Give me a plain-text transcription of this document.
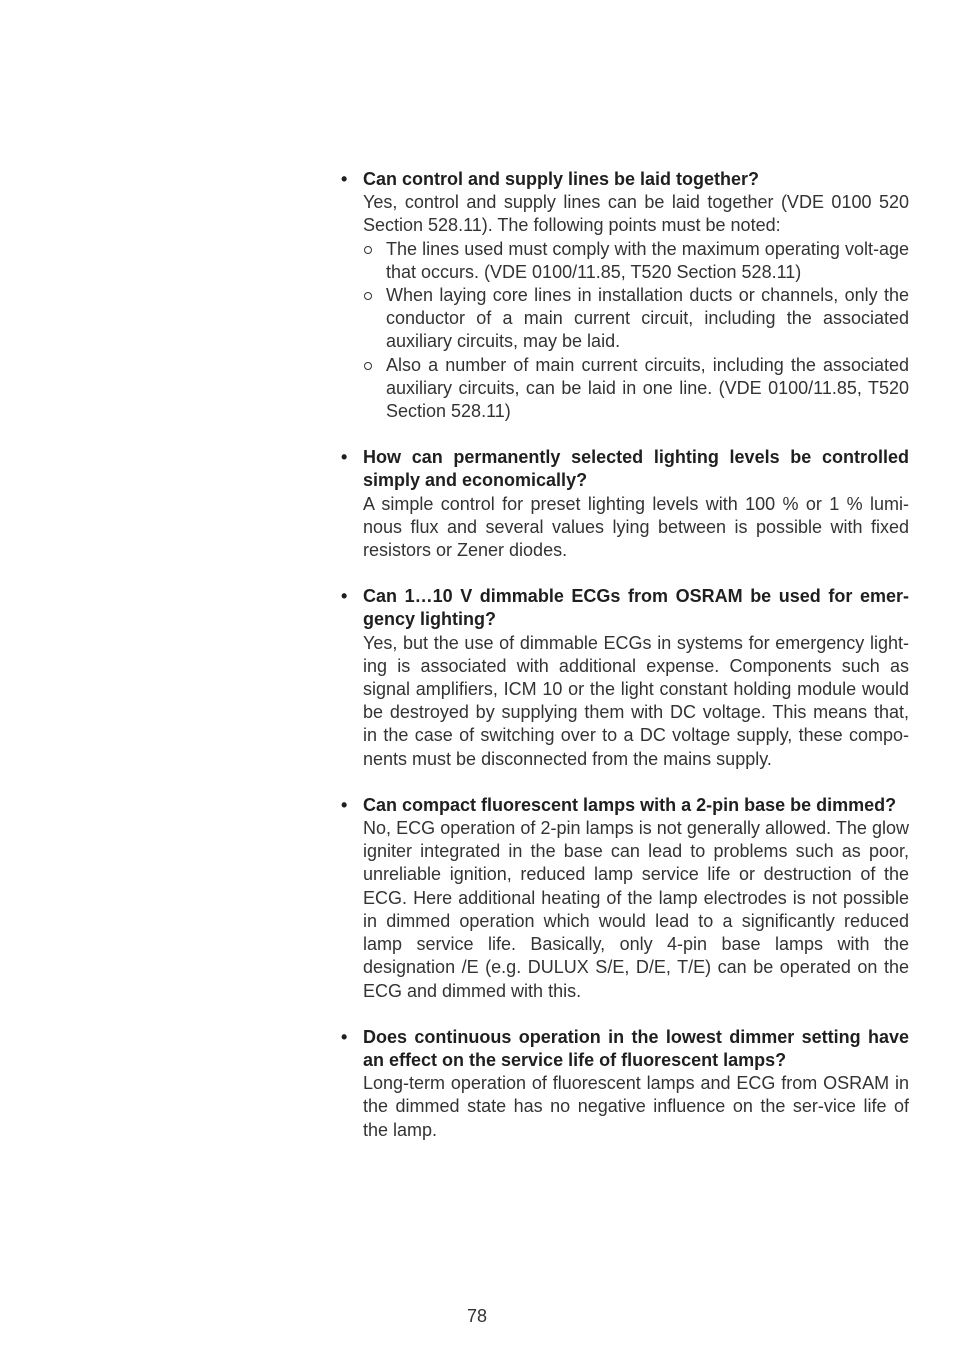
• Can control and supply lines be laid together?

Yes, control and supply lines can be laid together (VDE 0100 520 Section 528.11). The following points must be noted:

The lines used must comply with the maximum operating volt-age that occurs. (VDE 0100/11.85, T520 Section 528.11)
When laying core lines in installation ducts or channels, only the conductor of a main current circuit, including the associated auxiliary circuits, may be laid.
Also a number of main current circuits, including the associated auxiliary circuits, can be laid in one line. (VDE 0100/11.85, T520 Section 528.11)
• How can permanently selected lighting levels be controlled simply and economically?

A simple control for preset lighting levels with 100 % or 1 % lumi-nous flux and several values lying between is possible with fixed resistors or Zener diodes.

• Can 1…10 V dimmable ECGs from OSRAM be used for emer-gency lighting?

Yes, but the use of dimmable ECGs in systems for emergency light-ing is associated with additional expense. Components such as signal amplifiers, ICM 10 or the light constant holding module would be destroyed by supplying them with DC voltage. This means that, in the case of switching over to a DC voltage supply, these compo-nents must be disconnected from the mains supply.

• Can compact fluorescent lamps with a 2-pin base be dimmed?

No, ECG operation of 2-pin lamps is not generally allowed. The glow igniter integrated in the base can lead to problems such as poor, unreliable ignition, reduced lamp service life or destruction of the ECG. Here additional heating of the lamp electrodes is not possible in dimmed operation which would lead to a significantly reduced lamp service life. Basically, only 4-pin base lamps with the designation /E (e.g. DULUX S/E, D/E, T/E) can be operated on the ECG and dimmed with this.

• Does continuous operation in the lowest dimmer setting have an effect on the service life of fluorescent lamps?

Long-term operation of fluorescent lamps and ECG from OSRAM in the dimmed state has no negative influence on the ser-vice life of the lamp.

78
